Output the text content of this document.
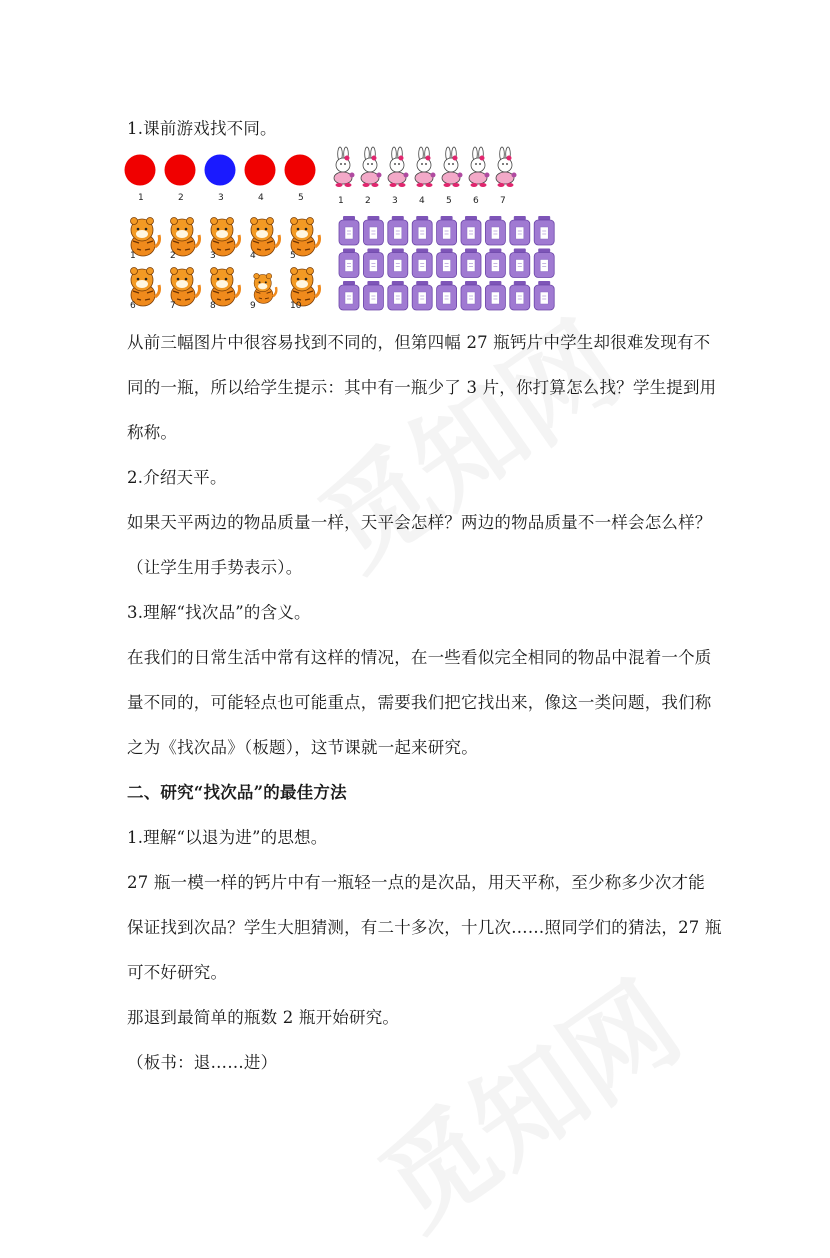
1.课前游戏找不同。
1	2	3	4	5	1 2 3 4 5 6 7
1	2	3	4	5
6	7	8	9	10
从前三幅图片中很容易找到不同的，但第四幅 27 瓶钙片中学生却很难发现有不
同的一瓶，所以给学生提示：其中有一瓶少了 3 片，你打算怎么找？学生提到用
称称。
2.介绍天平。
如果天平两边的物品质量一样，天平会怎样？两边的物品质量不一样会怎么样？
（让学生用手势表示）。
3.理解“找次品”的含义。
在我们的日常生活中常有这样的情况，在一些看似完全相同的物品中混着一个质
量不同的，可能轻点也可能重点，需要我们把它找出来，像这一类问题，我们称
之为《找次品》（板题），这节课就一起来研究。
二、研究“找次品”的最佳方法
1.理解“以退为进”的思想。
27 瓶一模一样的钙片中有一瓶轻一点的是次品，用天平称，至少称多少次才能
保证找到次品？学生大胆猜测，有二十多次，十几次……照同学们的猜法，27 瓶
可不好研究。
那退到最简单的瓶数 2 瓶开始研究。
（板书：退……进）
